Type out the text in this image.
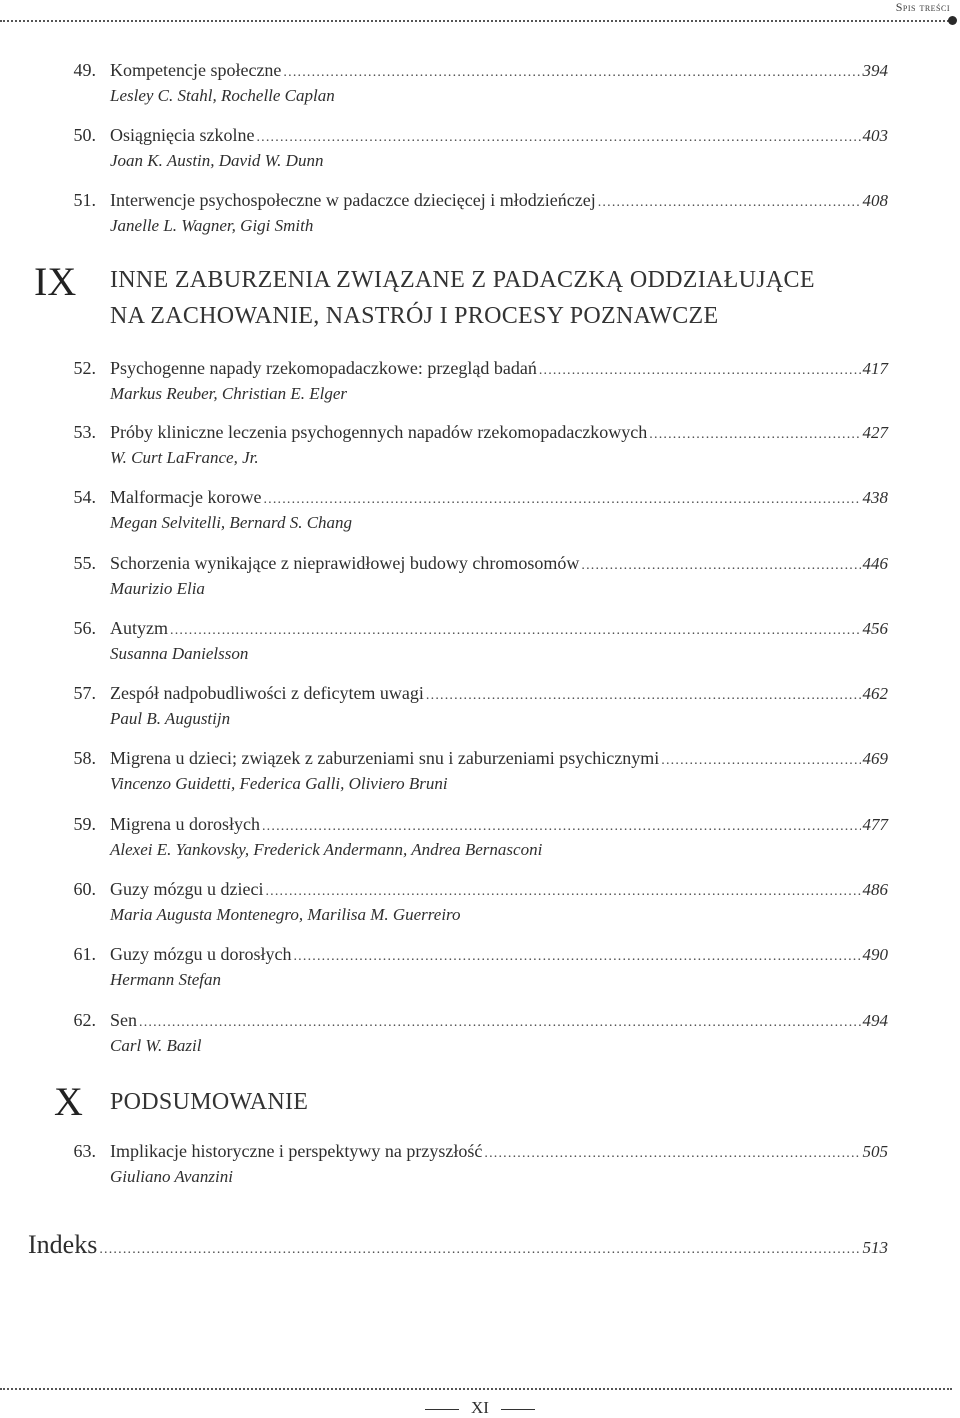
Spis treści
49. Kompetencje społeczne .....	394
Lesley C. Stahl, Rochelle Caplan
50. Osiągnięcia szkolne .....	403
Joan K. Austin, David W. Dunn
51. Interwencje psychospołeczne w padaczce dziecięcej i młodzieńczej .....	408
Janelle L. Wagner, Gigi Smith
IX INNE ZABURZENIA ZWIĄZANE Z PADACZKĄ ODDZIAŁUJĄCE
NA ZACHOWANIE, NASTRÓJ I PROCESY POZNAWCZE
52. Psychogenne napady rzekomopadaczkowe: przegląd badań .....	417
Markus Reuber, Christian E. Elger
53. Próby kliniczne leczenia psychogennych napadów rzekomopadaczkowych .....	427
W. Curt LaFrance, Jr.
54. Malformacje korowe .....	438
Megan Selvitelli, Bernard S. Chang
55. Schorzenia wynikające z nieprawidłowej budowy chromosomów .....	446
Maurizio Elia
56. Autyzm .....	456
Susanna Danielsson
57. Zespół nadpobudliwości z deficytem uwagi .....	462
Paul B. Augustijn
58. Migrena u dzieci; związek z zaburzeniami snu i zaburzeniami psychicznymi .....	469
Vincenzo Guidetti, Federica Galli, Oliviero Bruni
59. Migrena u dorosłych .....	477
Alexei E. Yankovsky, Frederick Andermann, Andrea Bernasconi
60. Guzy mózgu u dzieci .....	486
Maria Augusta Montenegro, Marilisa M. Guerreiro
61. Guzy mózgu u dorosłych .....	490
Hermann Stefan
62. Sen .....	494
Carl W. Bazil
X PODSUMOWANIE
63. Implikacje historyczne i perspektywy na przyszłość .....	505
Giuliano Avanzini
Indeks .....	513
XI
